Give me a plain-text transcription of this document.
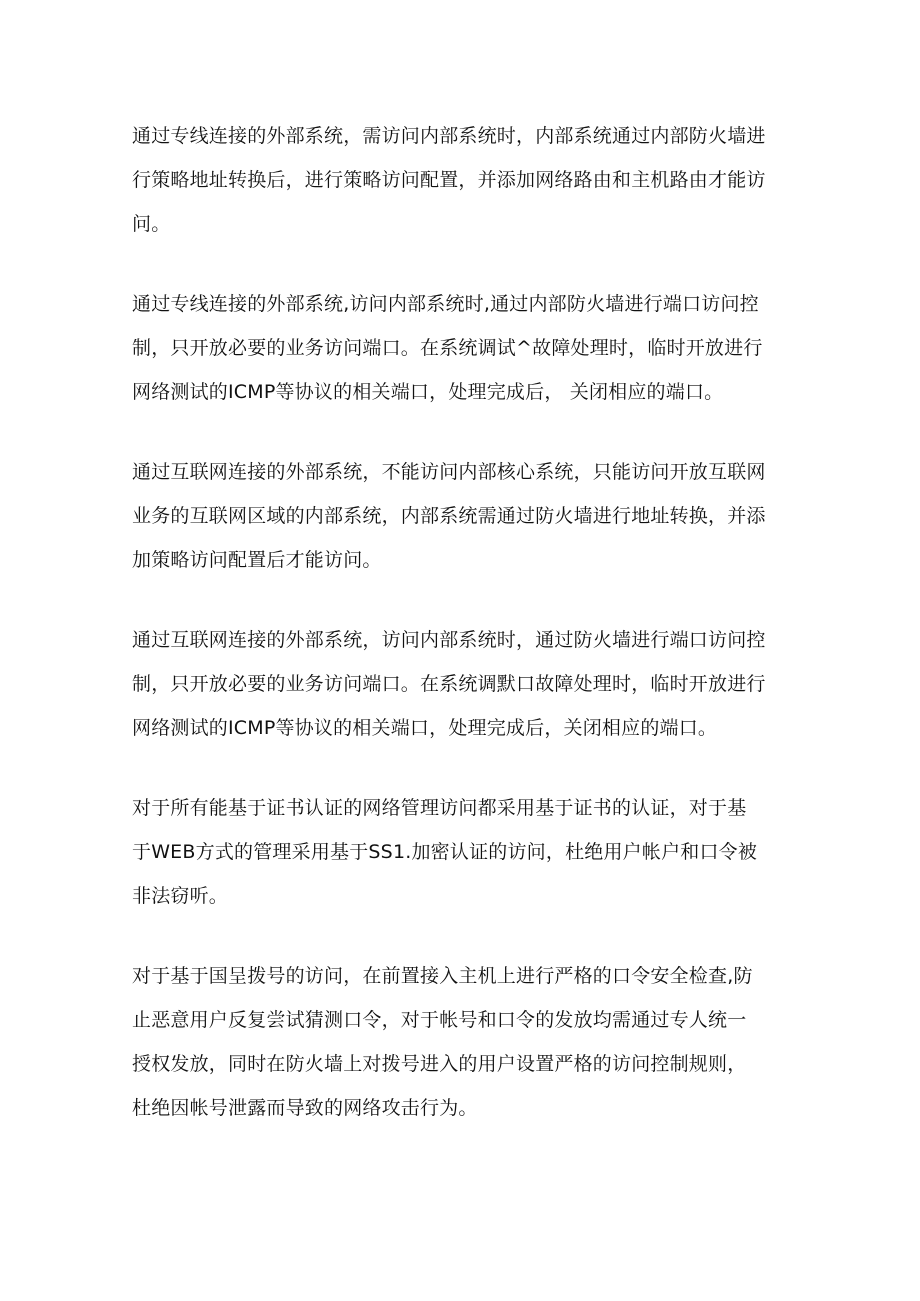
通过专线连接的外部系统，需访问内部系统时，内部系统通过内部防火墙进
行策略地址转换后，进行策略访问配置，并添加网络路由和主机路由才能访
问。

通过专线连接的外部系统,访问内部系统时,通过内部防火墙进行端口访问控
制，只开放必要的业务访问端口。在系统调试^故障处理时，临时开放进行
网络测试的ICMP等协议的相关端口，处理完成后， 关闭相应的端口。

通过互联网连接的外部系统，不能访问内部核心系统，只能访问开放互联网
业务的互联网区域的内部系统，内部系统需通过防火墙进行地址转换，并添
加策略访问配置后才能访问。

通过互联网连接的外部系统，访问内部系统时，通过防火墙进行端口访问控
制，只开放必要的业务访问端口。在系统调默口故障处理时，临时开放进行
网络测试的ICMP等协议的相关端口，处理完成后，关闭相应的端口。

对于所有能基于证书认证的网络管理访问都采用基于证书的认证，对于基
于WEB方式的管理采用基于SS1.加密认证的访问，杜绝用户帐户和口令被
非法窃听。

对于基于国呈拨号的访问，在前置接入主机上进行严格的口令安全检查,防
止恶意用户反复尝试猜测口令，对于帐号和口令的发放均需通过专人统一
授权发放，同时在防火墙上对拨号进入的用户设置严格的访问控制规则，
杜绝因帐号泄露而导致的网络攻击行为。
